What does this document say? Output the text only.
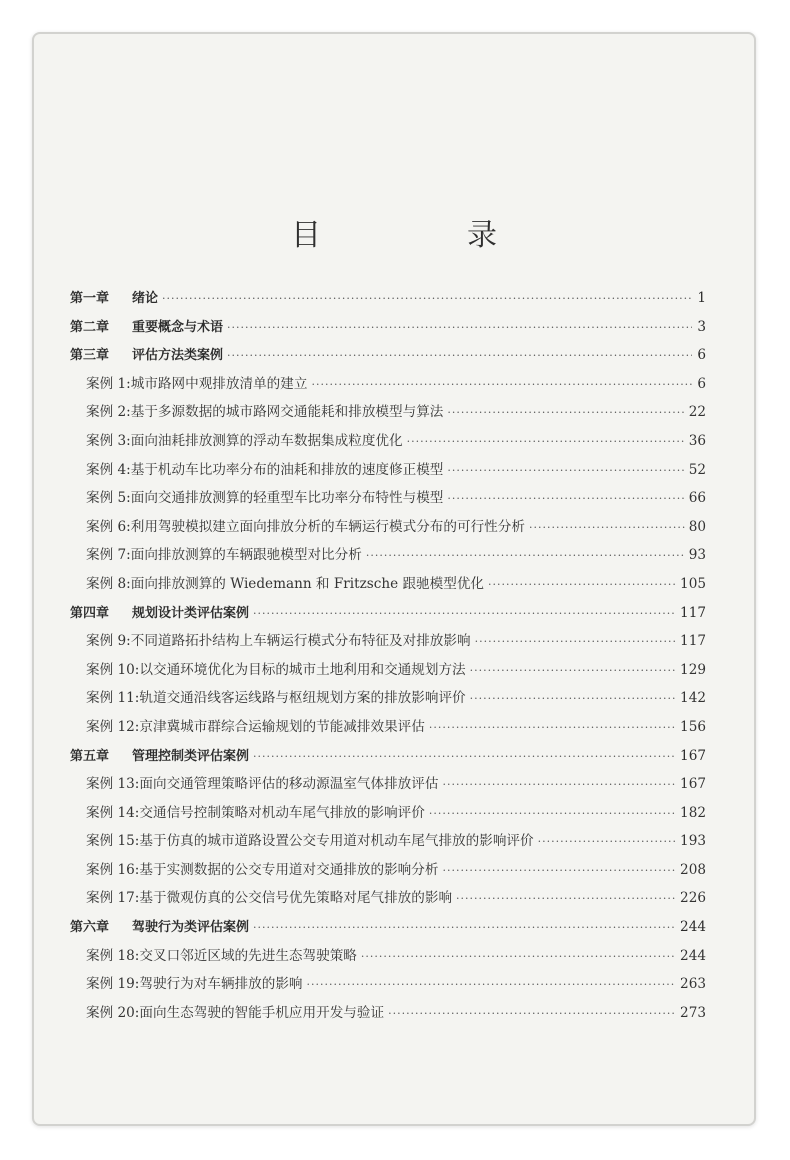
目　录
第一章	绪论 ·····	1
第二章	重要概念与术语 ·····	3
第三章	评估方法类案例 ·····	6
案例 1:城市路网中观排放清单的建立 ·····	6
案例 2:基于多源数据的城市路网交通能耗和排放模型与算法 ·····	22
案例 3:面向油耗排放测算的浮动车数据集成粒度优化 ·····	36
案例 4:基于机动车比功率分布的油耗和排放的速度修正模型 ·····	52
案例 5:面向交通排放测算的轻重型车比功率分布特性与模型 ·····	66
案例 6:利用驾驶模拟建立面向排放分析的车辆运行模式分布的可行性分析 ·····	80
案例 7:面向排放测算的车辆跟驰模型对比分析 ·····	93
案例 8:面向排放测算的 Wiedemann 和 Fritzsche 跟驰模型优化 ·····	105
第四章	规划设计类评估案例 ·····	117
案例 9:不同道路拓扑结构上车辆运行模式分布特征及对排放影响 ·····	117
案例 10:以交通环境优化为目标的城市土地利用和交通规划方法 ·····	129
案例 11:轨道交通沿线客运线路与枢纽规划方案的排放影响评价 ·····	142
案例 12:京津冀城市群综合运输规划的节能减排效果评估 ·····	156
第五章	管理控制类评估案例 ·····	167
案例 13:面向交通管理策略评估的移动源温室气体排放评估 ·····	167
案例 14:交通信号控制策略对机动车尾气排放的影响评价 ·····	182
案例 15:基于仿真的城市道路设置公交专用道对机动车尾气排放的影响评价 ·····	193
案例 16:基于实测数据的公交专用道对交通排放的影响分析 ·····	208
案例 17:基于微观仿真的公交信号优先策略对尾气排放的影响 ·····	226
第六章	驾驶行为类评估案例 ·····	244
案例 18:交叉口邻近区域的先进生态驾驶策略 ·····	244
案例 19:驾驶行为对车辆排放的影响 ·····	263
案例 20:面向生态驾驶的智能手机应用开发与验证 ·····	273
